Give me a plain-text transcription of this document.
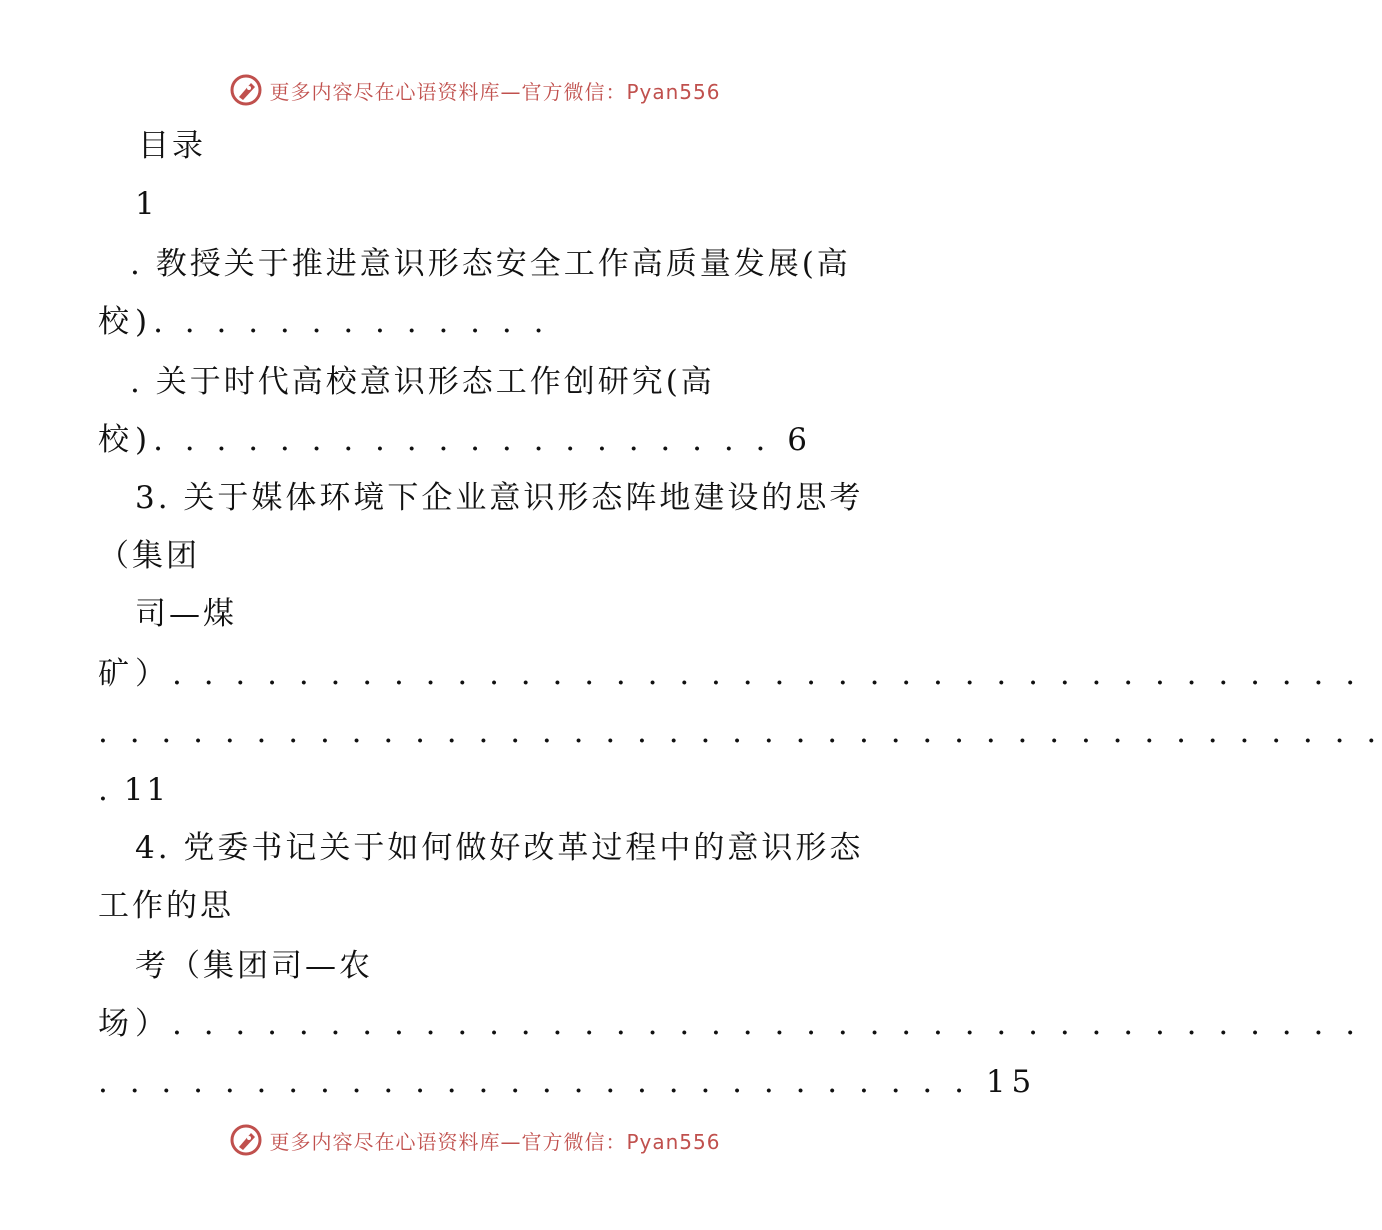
更多内容尽在心语资料库—官方微信：Pyan556
目录
1
. 教授关于推进意识形态安全工作高质量发展(高
校). . . . . . . . . . . . .
. 关于时代高校意识形态工作创研究(高
校). . . . . . . . . . . . . . . . . . . . 6
3. 关于媒体环境下企业意识形态阵地建设的思考
（集团
司—煤
矿）. . . . . . . . . . . . . . . . . . . . . . . . . . . . . . . . . . . . . .
. . . . . . . . . . . . . . . . . . . . . . . . . . . . . . . . . . . . . . . . .
. 11
4. 党委书记关于如何做好改革过程中的意识形态
工作的思
考（集团司—农
场）. . . . . . . . . . . . . . . . . . . . . . . . . . . . . . . . . . . . . .
. . . . . . . . . . . . . . . . . . . . . . . . . . . . 15
更多内容尽在心语资料库—官方微信：Pyan556
